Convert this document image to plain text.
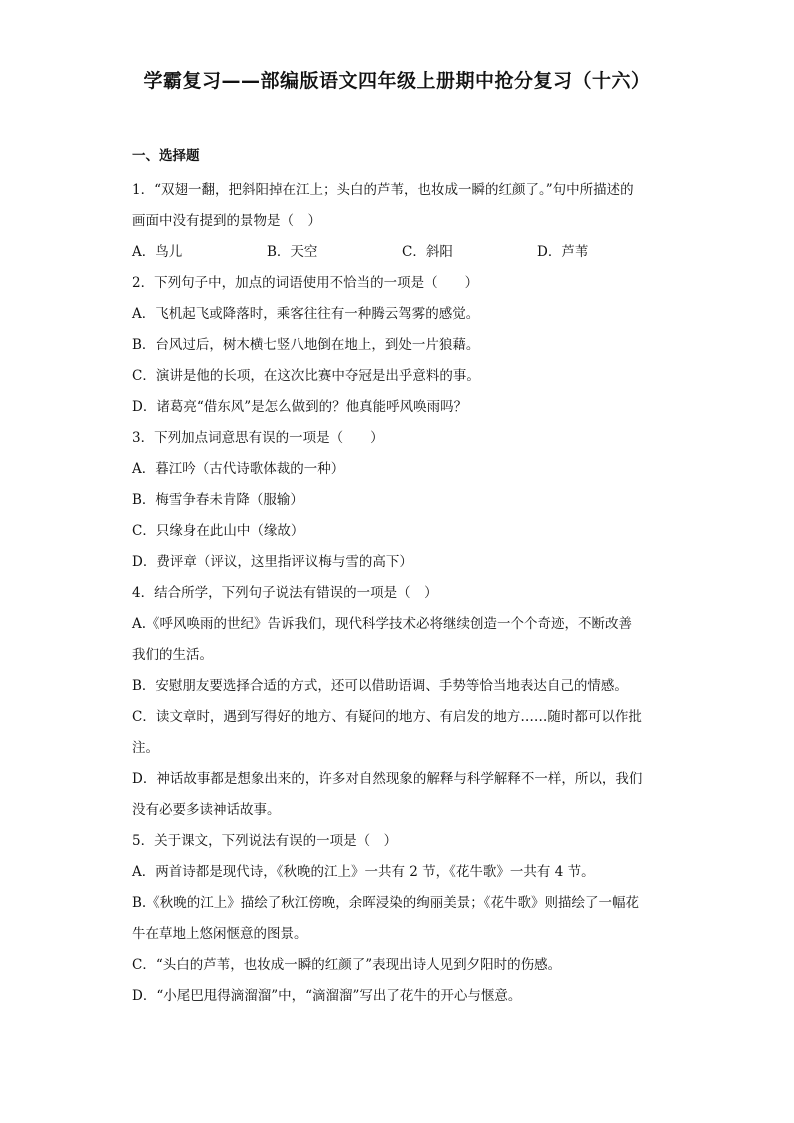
学霸复习——部编版语文四年级上册期中抢分复习（十六）
一、选择题
1．“双翅一翻，把斜阳掉在江上；头白的芦苇，也妆成一瞬的红颜了。”句中所描述的
画面中没有提到的景物是（　）
A．鸟儿	B．天空	C．斜阳	D．芦苇
2．下列句子中，加点的词语使用不恰当的一项是（　　）
A．飞机起飞或降落时，乘客往往有一种腾云驾雾的感觉。
B．台风过后，树木横七竖八地倒在地上，到处一片狼藉。
C．演讲是他的长项，在这次比赛中夺冠是出乎意料的事。
D．诸葛亮“借东风”是怎么做到的？他真能呼风唤雨吗？
3．下列加点词意思有误的一项是（　　）
A．暮江吟（古代诗歌体裁的一种）
B．梅雪争春未肯降（服输）
C．只缘身在此山中（缘故）
D．费评章（评议，这里指评议梅与雪的高下）
4．结合所学，下列句子说法有错误的一项是（　）
A.《呼风唤雨的世纪》告诉我们，现代科学技术必将继续创造一个个奇迹，不断改善
我们的生活。
B．安慰朋友要选择合适的方式，还可以借助语调、手势等恰当地表达自己的情感。
C．读文章时，遇到写得好的地方、有疑问的地方、有启发的地方……随时都可以作批
注。
D．神话故事都是想象出来的，许多对自然现象的解释与科学解释不一样，所以，我们
没有必要多读神话故事。
5．关于课文，下列说法有误的一项是（　）
A．两首诗都是现代诗，《秋晚的江上》一共有 2 节，《花牛歌》一共有 4 节。
B.《秋晚的江上》描绘了秋江傍晚，余晖浸染的绚丽美景；《花牛歌》则描绘了一幅花
牛在草地上悠闲惬意的图景。
C．“头白的芦苇，也妆成一瞬的红颜了”表现出诗人见到夕阳时的伤感。
D．“小尾巴甩得滴溜溜”中，“滴溜溜”写出了花牛的开心与惬意。
